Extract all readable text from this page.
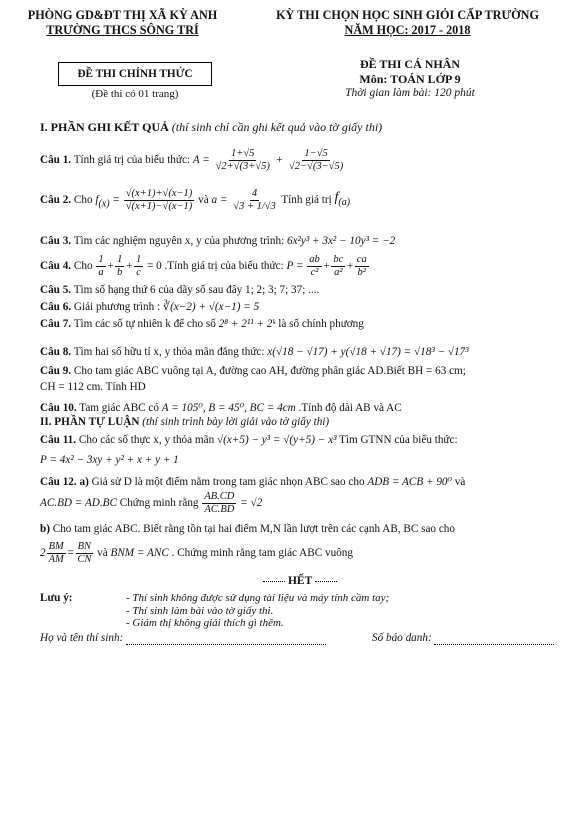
PHÒNG GD&ĐT THỊ XÃ KỲ ANH
TRƯỜNG THCS SÔNG TRÍ
KỲ THI CHỌN HỌC SINH GIỎI CẤP TRƯỜNG
NĂM HỌC: 2017 - 2018
ĐỀ THI CHÍNH THỨC
(Đề thi có 01 trang)
ĐỀ THI CÁ NHÂN
Môn: TOÁN LỚP 9
Thời gian làm bài: 120 phút
I. PHẦN GHI KẾT QUẢ (thí sinh chỉ cần ghi kết quả vào tờ giấy thi)
Câu 1. Tính giá trị của biểu thức: $A = \frac{1+√5}{√2+√(3+√5)} + \frac{1-√5}{√2-√(3-√5)}$
Câu 2. Cho $f_{(x)} = \frac{√(x+1)+√(x-1)}{√(x+1)-√(x-1)}$ và $a = \frac{4}{√3 + 1/√3}$ Tính giá trị $f_{(a)}$
Câu 3. Tìm các nghiệm nguyên x, y của phương trình: 6x²y³ + 3x² − 10y³ = −2
Câu 4. Cho $\frac{1}{a} + \frac{1}{b} + \frac{1}{c} = 0$ .Tính giá trị của biểu thức: $P = \frac{ab}{\text{c²}} + \frac{bc}{\text{a²}} + \frac{ca}{\text{b²}}$
Câu 5. Tìm số hạng thứ 6 của dãy số sau đây 1; 2; 3; 7; 37; ....
Câu 6. Giải phương trình : ∛(x−2) + √(x−1) = 5
Câu 7. Tìm các số tự nhiên k để cho số 2⁸ + 2¹¹ + 2ᵏ là số chính phương
Câu 8. Tìm hai số hữu tỉ x, y thỏa mãn đẳng thức: x(√18 − √17) + y(√18 + √17) = √18³ − √17³
Câu 9. Cho tam giác ABC vuông tại A, đường cao AH, đường phân giác AD.Biết BH = 63 cm;
CH = 112 cm. Tính HD
Câu 10. Tam giác ABC có A = 105⁰, B = 45⁰, BC = 4cm .Tính độ dài AB và AC
II. PHẦN TỰ LUẬN (thí sinh trình bày lời giải vào tờ giấy thi)
Câu 11. Cho các số thực x, y thỏa mãn √(x+5) − y³ = √(y+5) − x³ Tìm GTNN của biểu thức:
P = 4x² − 3xy + y² + x + y + 1
Câu 12. a) Giả sử D là một điểm nằm trong tam giác nhọn ABC sao cho ADB = ACB + 90⁰ và
AC.BD = AD.BC Chứng minh rằng $\frac{AB.CD}{AC.BD} = √2$
b) Cho tam giác ABC. Biết rằng tồn tại hai điểm M,N lần lượt trên các cạnh AB, BC sao cho
$2 \frac{BM}{AM} = \frac{BN}{CN}$ và BNM = ANC . Chứng minh rằng tam giác ABC vuông
HẾT
Lưu ý:	- Thí sinh không được sử dụng tài liệu và máy tính cầm tay;
- Thí sinh làm bài vào tờ giấy thi.
- Giám thị không giải thích gì thêm.
Họ và tên thí sinh:	Số báo danh:
